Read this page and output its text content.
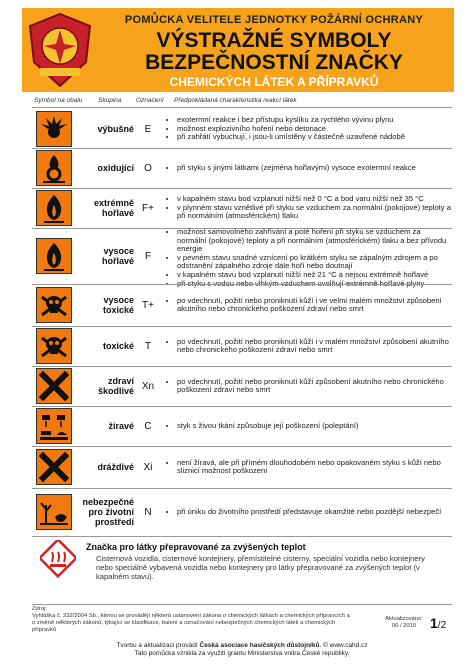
POMŮCKA VELITELE JEDNOTKY POŽÁRNÍ OCHRANY
VÝSTRAŽNÉ SYMBOLY
BEZPEČNOSTNÍ ZNAČKY
CHEMICKÝCH LÁTEK A PŘÍPRAVKŮ
Symbol na obalu Skupina Označení Předpokládaná charakteristika reakcí látek
výbušné	E
• exotermní reakce i bez přístupu kyslíku za rychlého vývinu plynu
• možnost explozivního hoření nebo detonace
• při zahřátí vybuchují, i jsou-li umístěny v částečně uzavřené nádobě
oxidující	O	• při styku s jinými látkami (zejména hořlavými) vysoce exotermní reakce
extrémně hořlavé F+
• v kapalném stavu bod vzplanutí nižší než 0 °C a bod varu nižší než 35 °C
• v plynném stavu vznětlivé při styku se vzduchem za normální (pokojové) teploty a při normálním (atmosférickém) tlaku
vysoce hořlavé	F
• možnost samovolného zahřívání a poté hoření při styku se vzduchem za normální (pokojové) teploty a při normálním (atmosférickém) tlaku a bez přívodu energie
• v pevném stavu snadné vznícení po krátkém styku se zápalným zdrojem a po odstranění zápalného zdroje dále hoří nebo doutnají
• v kapalném stavu bod vzplanutí nižší než 21 °C a nejsou extrémně hořlavé
•
vysoce toxické T+	• po vdechnutí, požití nebo proniknutí kůží i ve velmi malém množství způsobení akutního nebo chronického poškození zdraví nebo smrt
toxické	T	• po vdechnutí, požití nebo proniknutí kůží i v malém množství způsobení akutního nebo chronického poškození zdraví nebo smrt
zdraví škodlivé Xn	• po vdechnutí, požití nebo proniknutí kůží způsobení akutního nebo chronického poškození zdraví nebo smrt
žíravé	C	• styk s živou tkání způsobuje její poškození (poleptání)
dráždivé Xi	• není žíravá, ale při přímém dlouhodobém nebo opakovaném styku s kůží nebo sliznicí možnost poškození
nebezpečné pro životní prostředí
N	• při úniku do životního prostředí představuje okamžité nebo pozdější nebezpečí
Značka pro látky přepravované za zvýšených teplot
Cisternová vozidla, cisternové kontejnery, přemístitelné cisterny, speciální vozidla nebo kontejnery nebo speciálně vybavená vozidla nebo kontejnery pro látky přepravované za zvýšených teplot (v kapalném stavu).
Zdroj:
Vyhláška č. 232/2004 Sb., kterou se provádějí některá ustanovení zákona o chemických látkách a chemických přípravcích a o změně některých zákonů, týkající se klasifikace, balení a označování nebezpečných chemických látek a chemických přípravků
Aktualizováno:
06 / 2010 1/2
Tvorbu a aktualizaci provádí Česká asociace hasičských důstojníků. © www.cahd.cz
Tato pomůcka vznikla za využití grantu Ministerstva vnitra České republiky.
